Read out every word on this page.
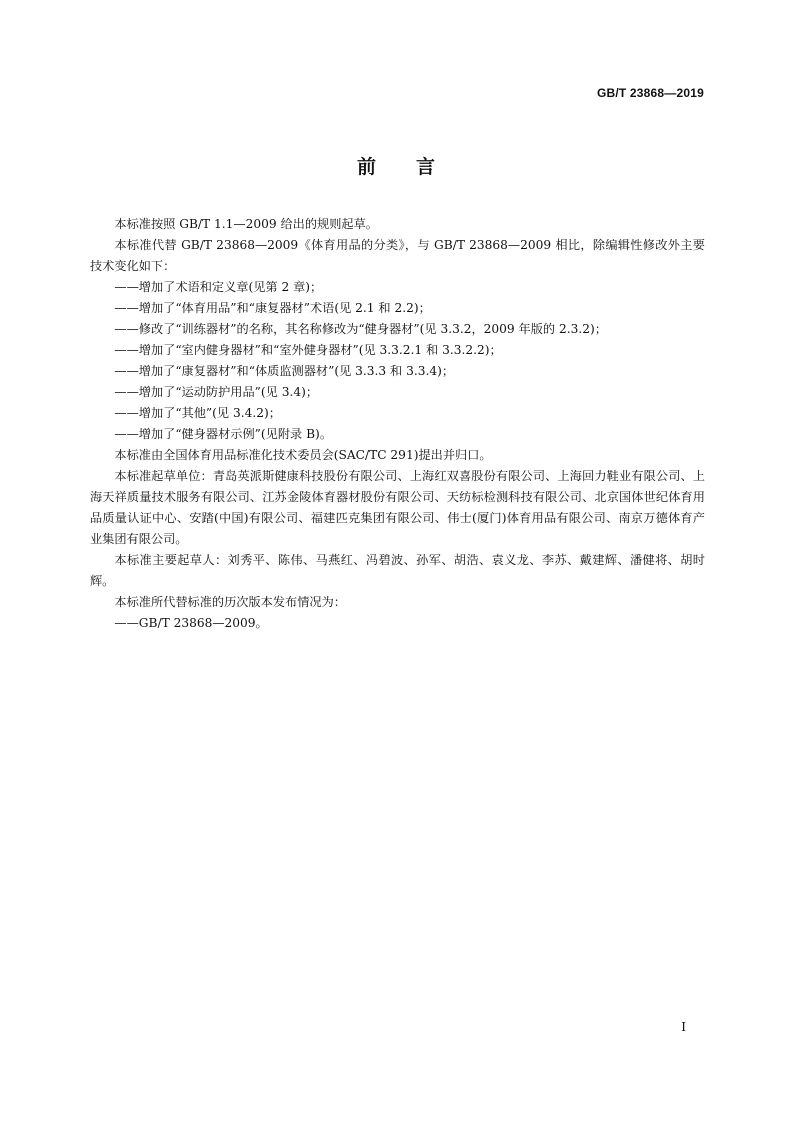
GB/T 23868—2019
前 言

本标准按照 GB/T 1.1—2009 给出的规则起草。

本标准代替 GB/T 23868—2009《体育用品的分类》，与 GB/T 23868—2009 相比，除编辑性修改外主要技术变化如下：

——增加了术语和定义章(见第 2 章)；
——增加了“体育用品”和“康复器材”术语(见 2.1 和 2.2)；
——修改了“训练器材”的名称，其名称修改为“健身器材”(见 3.3.2，2009 年版的 2.3.2)；
——增加了“室内健身器材”和“室外健身器材”(见 3.3.2.1 和 3.3.2.2)；
——增加了“康复器材”和“体质监测器材”(见 3.3.3 和 3.3.4)；
——增加了“运动防护用品”(见 3.4)；
——增加了“其他”(见 3.4.2)；
——增加了“健身器材示例”(见附录 B)。

本标准由全国体育用品标准化技术委员会(SAC/TC 291)提出并归口。

本标准起草单位：青岛英派斯健康科技股份有限公司、上海红双喜股份有限公司、上海回力鞋业有限公司、上海天祥质量技术服务有限公司、江苏金陵体育器材股份有限公司、天纺标检测科技有限公司、北京国体世纪体育用品质量认证中心、安踏(中国)有限公司、福建匹克集团有限公司、伟士(厦门)体育用品有限公司、南京万德体育产业集团有限公司。

本标准主要起草人：刘秀平、陈伟、马燕红、冯碧波、孙军、胡浩、袁义龙、李苏、戴建辉、潘健将、胡时辉。

本标准所代替标准的历次版本发布情况为：

——GB/T 23868—2009。
I
